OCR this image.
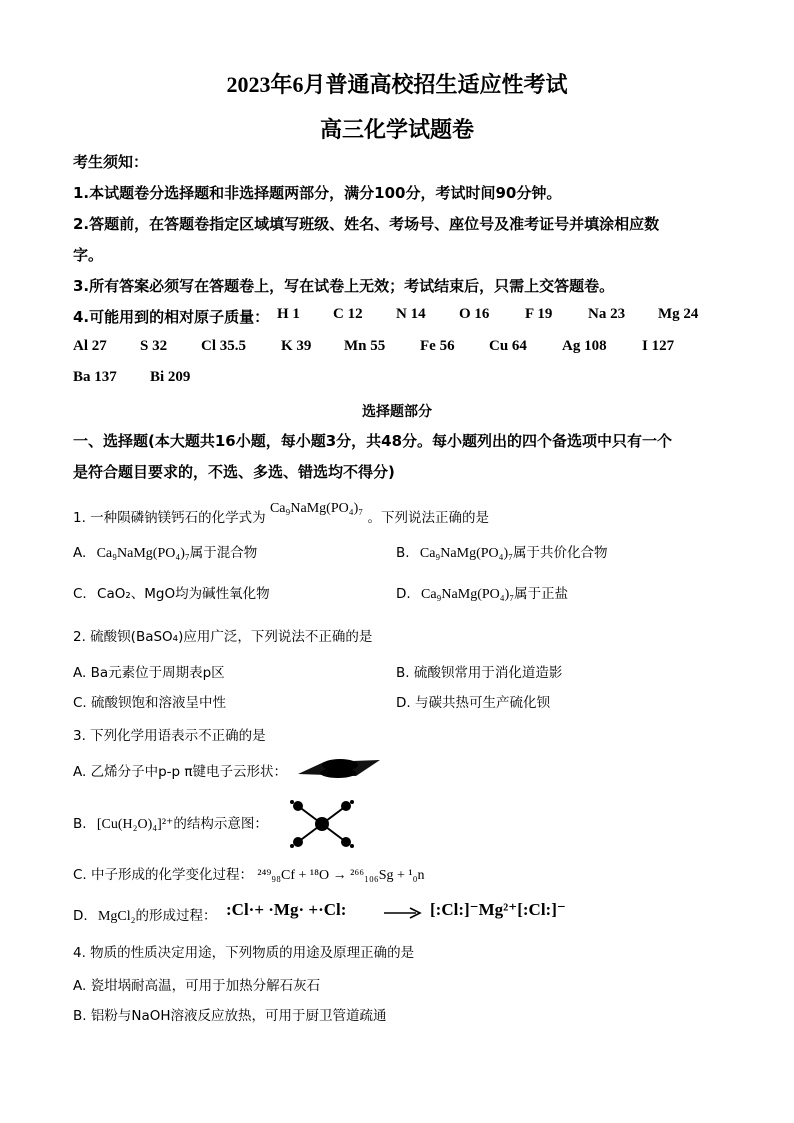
2023年6月普通高校招生适应性考试
高三化学试题卷
考生须知：
1.本试题卷分选择题和非选择题两部分，满分100分，考试时间90分钟。
2.答题前，在答题卷指定区域填写班级、姓名、考场号、座位号及准考证号并填涂相应数
字。
3.所有答案必须写在答题卷上，写在试卷上无效；考试结束后，只需上交答题卷。
4.可能用到的相对原子质量： H 1 C 12 N 14 O 16 F 19 Na 23 Mg 24
Al 27 S 32 Cl 35.5 K 39 Mn 55 Fe 56 Cu 64 Ag 108 I 127
Ba 137 Bi 209
选择题部分
一、选择题(本大题共16小题，每小题3分，共48分。每小题列出的四个备选项中只有一个
是符合题目要求的，不选、多选、错选均不得分)
1. 一种陨磷钠镁钙石的化学式为 Ca₉NaMg(PO₄)₇ 。下列说法正确的是
A. Ca₉NaMg(PO₄)₇属于混合物	B. Ca₉NaMg(PO₄)₇属于共价化合物
C. CaO₂、MgO均为碱性氧化物	D. Ca₉NaMg(PO₄)₇属于正盐
2. 硫酸钡(BaSO₄)应用广泛，下列说法不正确的是
A. Ba元素位于周期表p区	B. 硫酸钡常用于消化道造影
C. 硫酸钡饱和溶液呈中性	D. 与碳共热可生产硫化钡
3. 下列化学用语表示不正确的是
A. 乙烯分子中p-p π键电子云形状：
B. [Cu(H₂O)₄]²⁺的结构示意图：
C. 中子形成的化学变化过程： ²⁴⁹₉₈Cf + ¹⁸O → ²⁶⁶₁₀₆Sg + ¹₀n
D. MgCl₂的形成过程： :Cl·+ ·Mg· +·Cl: → [:Cl:]⁻Mg²⁺[:Cl:]⁻
4. 物质的性质决定用途，下列物质的用途及原理正确的是
A. 瓷坩埚耐高温，可用于加热分解石灰石
B. 铝粉与NaOH溶液反应放热，可用于厨卫管道疏通
